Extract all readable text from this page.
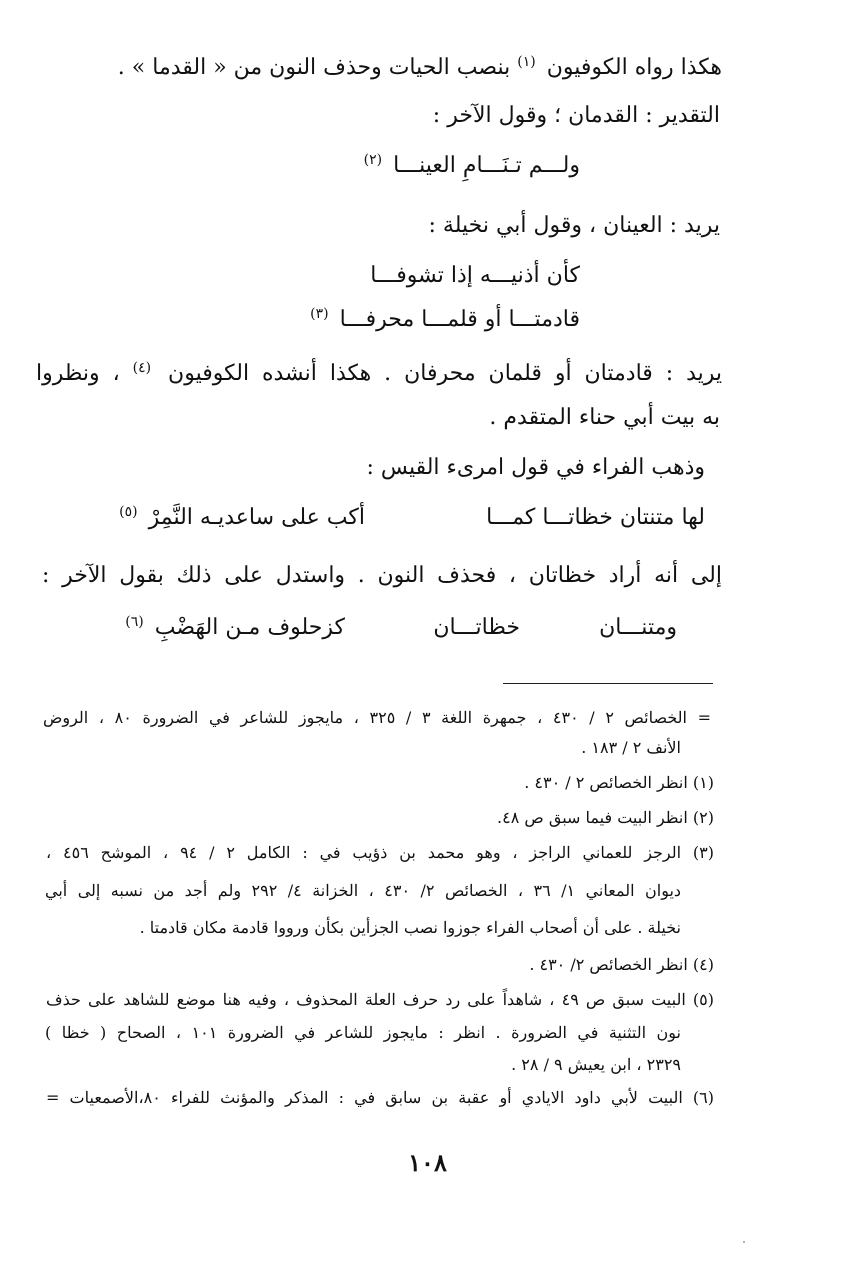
هكذا رواه الكوفيون $^{(١)}$ بنصب الحيات وحذف النون من « القدما » .
التقدير : القدمان ؛ وقول الآخر :
ولـــم تـنَـــامِ العينـــا $^{(٢)}$
يريد : العينان ، وقول أبي نخيلة :
كأن أذنيـــه إذا تشوفـــا
قادمتـــا أو قلمـــا محرفـــا $^{(٣)}$
يريد : قادمتان أو قلمان محرفان . هكذا أنشده الكوفيون $^{(٤)}$ ، ونظروا
به بيت أبي حناء المتقدم .
وذهب الفراء في قول امرىء القيس :
لها متنتان خظاتـــا كمـــا
أكب على ساعديـه النَّمِرْ $^{(٥)}$
إلى أنه أراد خظاتان ، فحذف النون . واستدل على ذلك بقول الآخر :
ومتنـــان
خظاتـــان
كزحلوف مـن الهَضْبِ $^{(٦)}$
= الخصائص ٢ / ٤٣٠ ، جمهرة اللغة ٣ / ٣٢٥ ، مايجوز للشاعر في الضرورة ٨٠ ، الروض
الأنف ٢ / ١٨٣ .
(١) انظر الخصائص ٢ / ٤٣٠ .
(٢) انظر البيت فيما سبق ص ٤٨.
(٣) الرجز للعماني الراجز ، وهو محمد بن ذؤيب في : الكامل ٢ / ٩٤ ، الموشح ٤٥٦ ،
ديوان المعاني ١/ ٣٦ ، الخصائص ٢/ ٤٣٠ ، الخزانة ٤/ ٢٩٢ ولم أجد من نسبه إلى أبي
نخيلة . على أن أصحاب الفراء جوزوا نصب الجزأين بكأن ورووا قادمة مكان قادمتا .
(٤) انظر الخصائص ٢/ ٤٣٠ .
(٥) البيت سبق ص ٤٩ ، شاهداً على رد حرف العلة المحذوف ، وفيه هنا موضع للشاهد على حذف
نون التثنية في الضرورة . انظر : مايجوز للشاعر في الضرورة ١٠١ ، الصحاح ( خظا )
٢٣٢٩ ، ابن يعيش ٩ / ٢٨ .
(٦) البيت لأبي داود الايادي أو عقبة بن سابق في : المذكر والمؤنث للفراء ٨٠،الأصمعيات =
١٠٨
